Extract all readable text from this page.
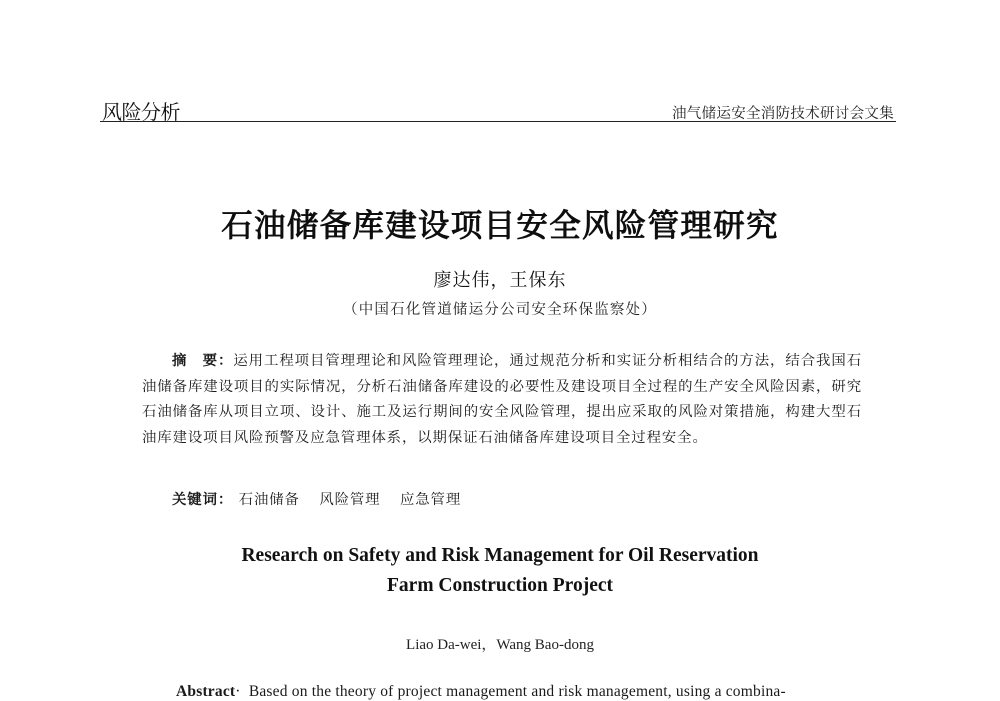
风险分析	油气储运安全消防技术研讨会文集
石油储备库建设项目安全风险管理研究
廖达伟，王保东
（中国石化管道储运分公司安全环保监察处）
摘　要：运用工程项目管理理论和风险管理理论，通过规范分析和实证分析相结合的方法，结合我国石油储备库建设项目的实际情况，分析石油储备库建设的必要性及建设项目全过程的生产安全风险因素，研究石油储备库从项目立项、设计、施工及运行期间的安全风险管理，提出应采取的风险对策措施，构建大型石油库建设项目风险预警及应急管理体系，以期保证石油储备库建设项目全过程安全。
关键词： 石油储备 风险管理 应急管理
Research on Safety and Risk Management for Oil Reservation
Farm Construction Project
Liao Da-wei，Wang Bao-dong
Abstract· Based on the theory of project management and risk management, using a combina-
